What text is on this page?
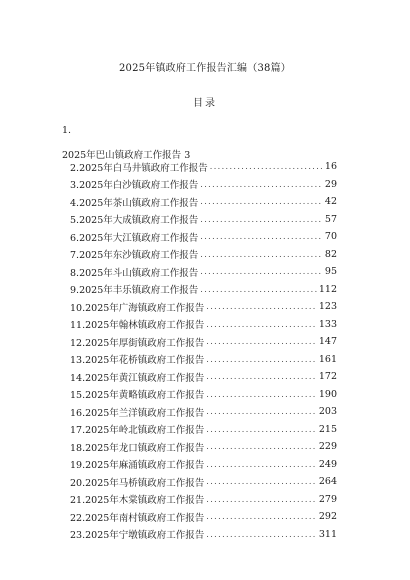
2025年镇政府工作报告汇编（38篇）
目录
1.
2025年巴山镇政府工作报告 3
2.2025年白马井镇政府工作报告 .....	16
3.2025年白沙镇政府工作报告 .....	29
4.2025年茶山镇政府工作报告 .....	42
5.2025年大成镇政府工作报告 .....	57
6.2025年大江镇政府工作报告 .....	70
7.2025年东沙镇政府工作报告 .....	82
8.2025年斗山镇政府工作报告 .....	95
9.2025年丰乐镇政府工作报告 .....	112
10.2025年广海镇政府工作报告 .....	123
11.2025年翰林镇政府工作报告 .....	133
12.2025年厚街镇政府工作报告 .....	147
13.2025年花桥镇政府工作报告 .....	161
14.2025年黄江镇政府工作报告 .....	172
15.2025年黄略镇政府工作报告 .....	190
16.2025年兰洋镇政府工作报告 .....	203
17.2025年岭北镇政府工作报告 .....	215
18.2025年龙口镇政府工作报告 .....	229
19.2025年麻涌镇政府工作报告 .....	249
20.2025年马桥镇政府工作报告 .....	264
21.2025年木棠镇政府工作报告 .....	279
22.2025年南村镇政府工作报告 .....	292
23.2025年宁墩镇政府工作报告 .....	311
